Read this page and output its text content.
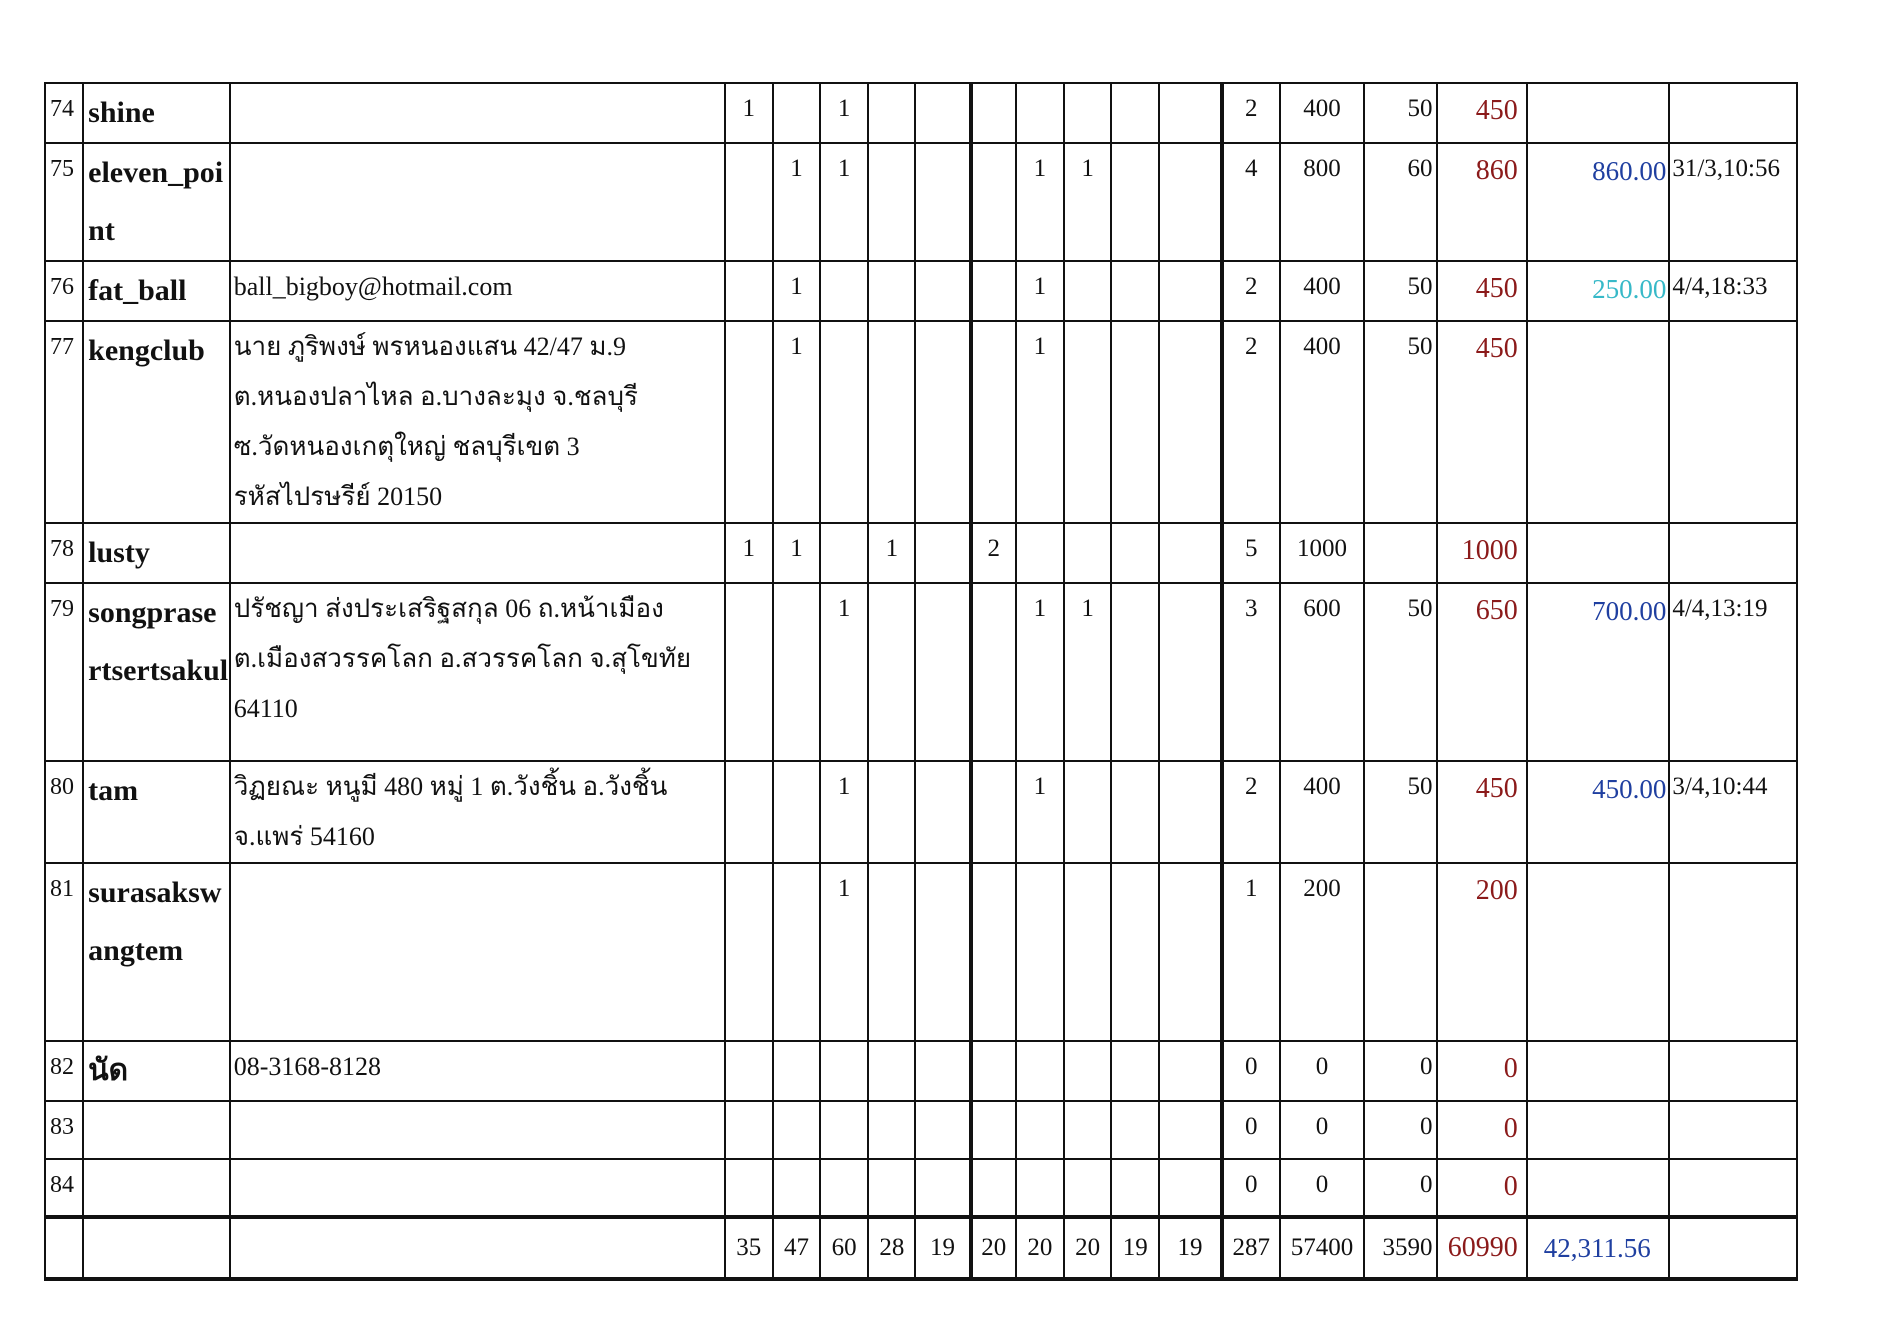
74	shine		1		1								2	400	50	450		
75	eleven_point			1	1				1	1			4	800	60	860	860.00	31/3,10:56
76	fat_ball	ball_bigboy@hotmail.com		1					1				2	400	50	450	250.00	4/4,18:33
77	kengclub	นาย ภูริพงษ์ พรหนองแสน 42/47 ม.9
ต.หนองปลาไหล อ.บางละมุง จ.ชลบุรี
ซ.วัดหนองเกตุใหญ่ ชลบุรีเขต 3
รหัสไปรษรีย์ 20150		1					1				2	400	50	450		
78	lusty		1	1		1		2					5	1000		1000		
79	songprasertsertsakul	ปรัชญา ส่งประเสริฐสกุล 06 ถ.หน้าเมือง
ต.เมืองสวรรคโลก อ.สวรรคโลก จ.สุโขทัย
64110			1				1	1			3	600	50	650	700.00	4/4,13:19
80	tam	วิฏยณะ หนูมี 480 หมู่ 1 ต.วังชิ้น อ.วังชิ้น
จ.แพร่ 54160			1				1				2	400	50	450	450.00	3/4,10:44
81	surasakswangtem				1								1	200		200		
82	นัด	08-3168-8128											0	0	0	0		
83													0	0	0	0		
84													0	0	0	0		
			35	47	60	28	19	20	20	20	19	19	287	57400	3590	60990	42,311.56	
